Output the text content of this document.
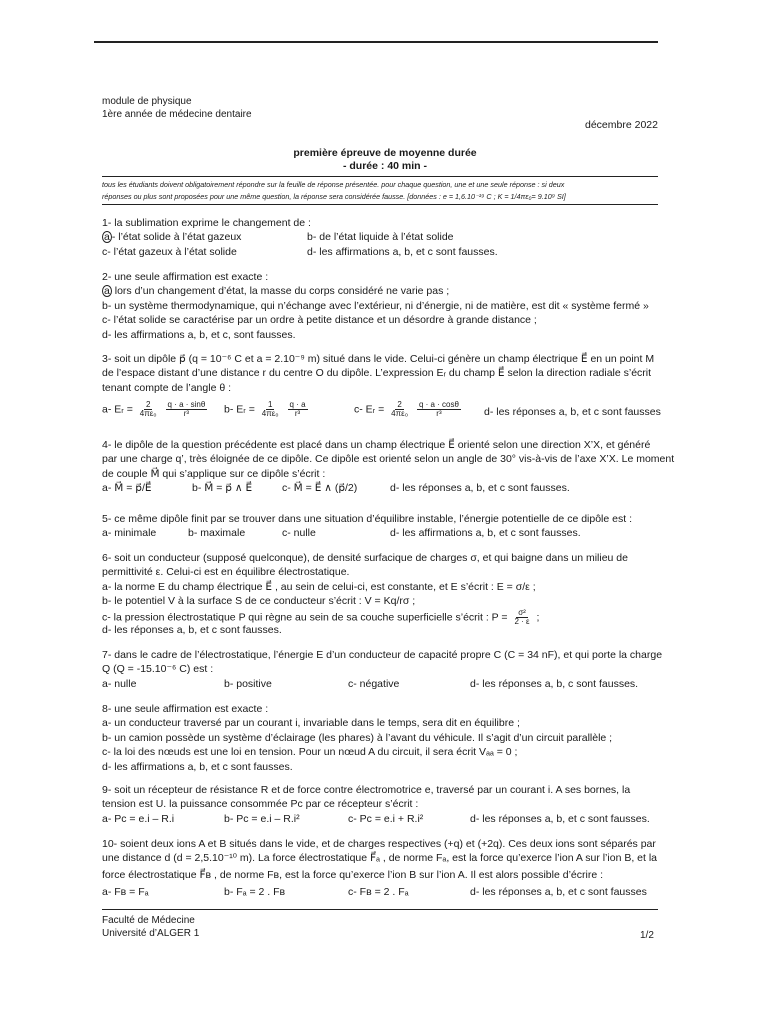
module de physique
1ère année de médecine dentaire
décembre 2022
première épreuve de moyenne durée
- durée : 40 min -
tous les étudiants doivent obligatoirement répondre sur la feuille de réponse présentée. pour chaque question, une et une seule réponse : si deux
réponses ou plus sont proposées pour une même question, la réponse sera considérée fausse. [données : e = 1,6.10⁻¹⁹ C ; K = 1/4πε₀= 9.10⁹ SI]
1- la sublimation exprime le changement de :
a - l’état solide à l’état gazeux	b- de l’état liquide à l’état solide
c- l’état gazeux à l’état solide	d- les affirmations a, b, et c sont fausses.
2- une seule affirmation est exacte :
a lors d’un changement d’état, la masse du corps considéré ne varie pas ;
b- un système thermodynamique, qui n’échange avec l’extérieur, ni d’énergie, ni de matière, est dit « système fermé »
c- l’état solide se caractérise par un ordre à petite distance et un désordre à grande distance ;
d- les affirmations a, b, et c, sont fausses.
3- soit un dipôle p⃗ (q = 10⁻⁶ C et a = 2.10⁻⁹ m) situé dans le vide. Celui-ci génère un champ électrique E⃗ en un point M
de l’espace distant d’une distance r du centre O du dipôle. L’expression Eᵣ du champ E⃗ selon la direction radiale s’écrit
tenant compte de l’angle θ :
a- Eᵣ = $\frac{2}{\text{4πε₀}}$
$\frac{q \cdot a \cdot \sin\theta}{\text{r³}} b-$ Eᵣ = $\frac{1}{\text{4πε₀}}$
$\frac{q \cdot a}{\text{r³}}$	c- Eᵣ = $\frac{2}{\text{4πε₀}}$
$\frac{q \cdot a \cdot \cos\theta}{\text{r³}} d-$ les réponses a, b, et c sont fausses
4- le dipôle de la question précédente est placé dans un champ électrique E⃗ orienté selon une direction X’X, et généré
par une charge q’, très éloignée de ce dipôle. Ce dipôle est orienté selon un angle de 30° vis-à-vis de l’axe X’X. Le moment
de couple M⃗ qui s’applique sur ce dipôle s’écrit :
a- M⃗ = p⃗/E⃗	b- M⃗ = p⃗ ∧ E⃗	c- M⃗ = E⃗ ∧ (p⃗/2)	d- les réponses a, b, et c sont fausses.
5- ce même dipôle finit par se trouver dans une situation d’équilibre instable, l’énergie potentielle de ce dipôle est :
a- minimale	b- maximale	c- nulle	d- les affirmations a, b, et c sont fausses.
6- soit un conducteur (supposé quelconque), de densité surfacique de charges σ, et qui baigne dans un milieu de
permittivité ε. Celui-ci est en équilibre électrostatique.
a- la norme E du champ électrique E⃗ , au sein de celui-ci, est constante, et E s’écrit : E = σ/ε ;
b- le potentiel V à la surface S de ce conducteur s’écrit : V = Kq/rσ ;
c- la pression électrostatique P qui règne au sein de sa couche superficielle s’écrit : $P = \frac{\text{σ²}}{2 \cdot \varepsilon}$ ;
d- les réponses a, b, et c sont fausses.
7- dans le cadre de l’électrostatique, l’énergie E d’un conducteur de capacité propre C (C = 34 nF), et qui porte la charge
Q (Q = -15.10⁻⁶ C) est :
a- nulle	b- positive	c- négative	d- les réponses a, b, c sont fausses.
8- une seule affirmation est exacte :
a- un conducteur traversé par un courant i, invariable dans le temps, sera dit en équilibre ;
b- un camion possède un système d’éclairage (les phares) à l’avant du véhicule. Il s’agit d’un circuit parallèle ;
c- la loi des nœuds est une loi en tension. Pour un nœud A du circuit, il sera écrit Vₐₐ = 0 ;
d- les affirmations a, b, et c sont fausses.
9- soit un récepteur de résistance R et de force contre électromotrice e, traversé par un courant i. A ses bornes, la
tension est U. la puissance consommée Pc par ce récepteur s’écrit :
a- Pc = e.i – R.i	b- Pc = e.i – R.i²	c- Pc = e.i + R.i²	d- les réponses a, b, et c sont fausses.
10- soient deux ions A et B situés dans le vide, et de charges respectives (+q) et (+2q). Ces deux ions sont séparés par
une distance d (d = 2,5.10⁻¹⁰ m). La force électrostatique F⃗ₐ , de norme Fₐ, est la force qu’exerce l’ion A sur l’ion B, et la
force électrostatique F⃗ʙ , de norme Fʙ, est la force qu’exerce l’ion B sur l’ion A. Il est alors possible d’écrire :
a- Fʙ = Fₐ	b- Fₐ = 2 . Fʙ	c- Fʙ = 2 . Fₐ	d- les réponses a, b, et c sont fausses
Faculté de Médecine
Université d’ALGER 1	1/2
